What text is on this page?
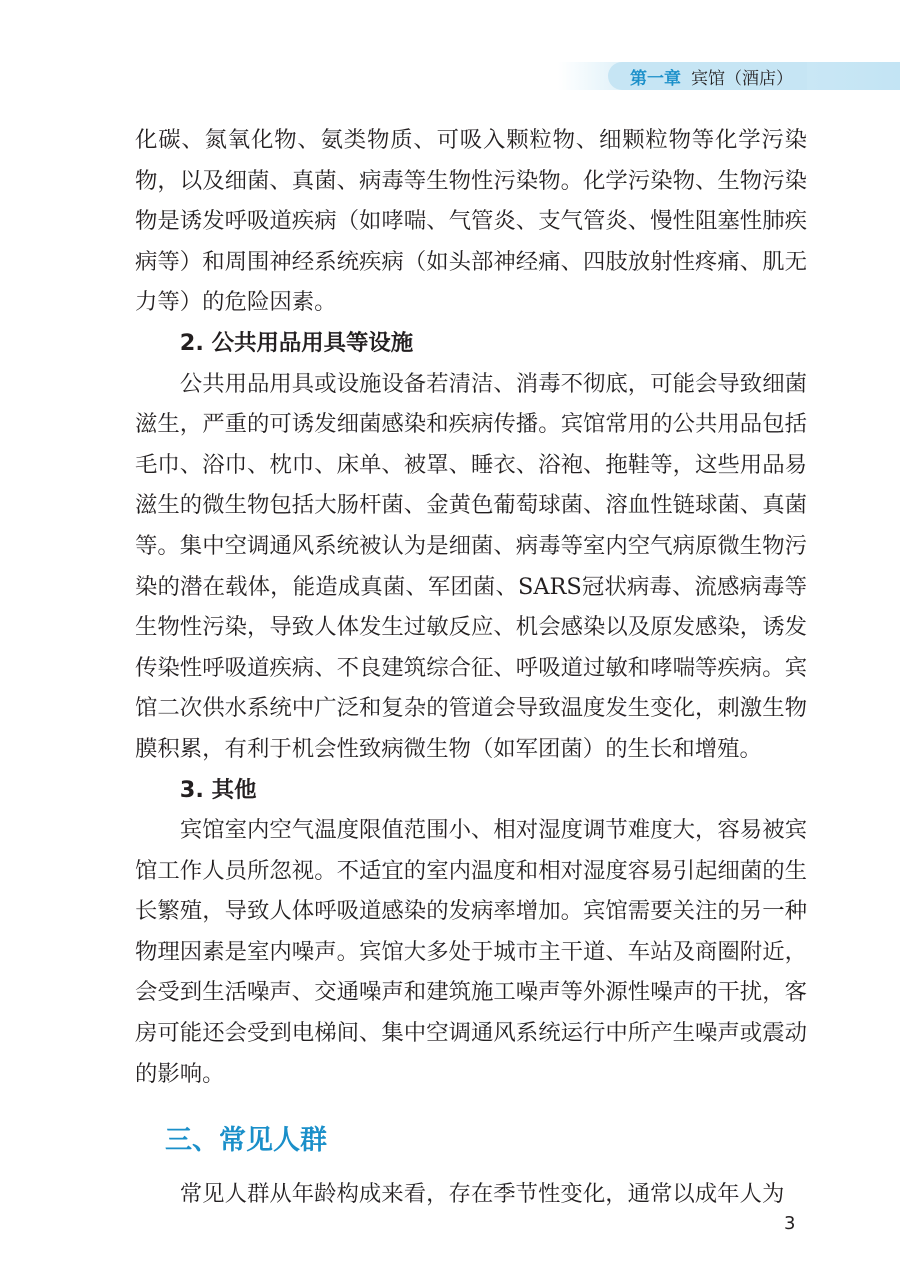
第一章 宾馆（酒店）

化碳、氮氧化物、氨类物质、可吸入颗粒物、细颗粒物等化学污染物，以及细菌、真菌、病毒等生物性污染物。化学污染物、生物污染物是诱发呼吸道疾病（如哮喘、气管炎、支气管炎、慢性阻塞性肺疾病等）和周围神经系统疾病（如头部神经痛、四肢放射性疼痛、肌无力等）的危险因素。

2. 公共用品用具等设施

公共用品用具或设施设备若清洁、消毒不彻底，可能会导致细菌滋生，严重的可诱发细菌感染和疾病传播。宾馆常用的公共用品包括毛巾、浴巾、枕巾、床单、被罩、睡衣、浴袍、拖鞋等，这些用品易滋生的微生物包括大肠杆菌、金黄色葡萄球菌、溶血性链球菌、真菌等。集中空调通风系统被认为是细菌、病毒等室内空气病原微生物污染的潜在载体，能造成真菌、军团菌、SARS冠状病毒、流感病毒等生物性污染，导致人体发生过敏反应、机会感染以及原发感染，诱发传染性呼吸道疾病、不良建筑综合征、呼吸道过敏和哮喘等疾病。宾馆二次供水系统中广泛和复杂的管道会导致温度发生变化，刺激生物膜积累，有利于机会性致病微生物（如军团菌）的生长和增殖。

3. 其他

宾馆室内空气温度限值范围小、相对湿度调节难度大，容易被宾馆工作人员所忽视。不适宜的室内温度和相对湿度容易引起细菌的生长繁殖，导致人体呼吸道感染的发病率增加。宾馆需要关注的另一种物理因素是室内噪声。宾馆大多处于城市主干道、车站及商圈附近，会受到生活噪声、交通噪声和建筑施工噪声等外源性噪声的干扰，客房可能还会受到电梯间、集中空调通风系统运行中所产生噪声或震动的影响。

三、常见人群

常见人群从年龄构成来看，存在季节性变化，通常以成年人为

3
